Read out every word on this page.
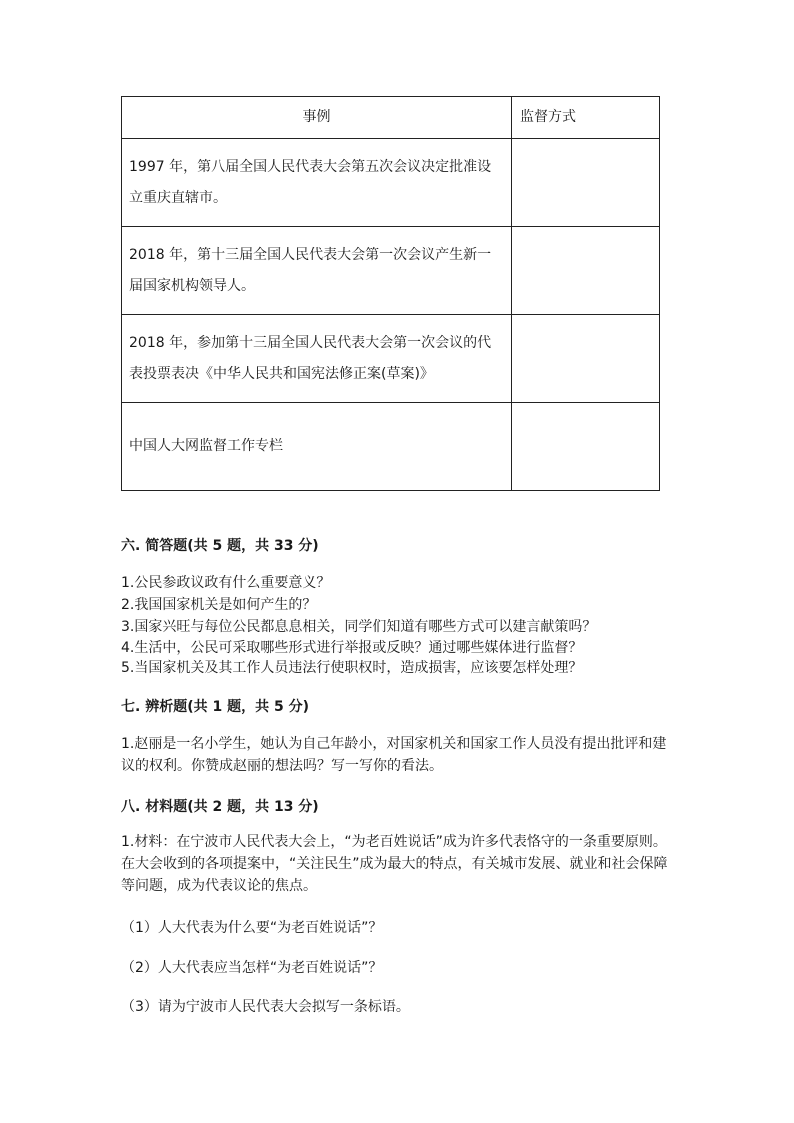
事例	监督方式
1997 年，第八届全国人民代表大会第五次会议决定批准设立重庆直辖市。	
2018 年，第十三届全国人民代表大会第一次会议产生新一届国家机构领导人。	
2018 年，参加第十三届全国人民代表大会第一次会议的代表投票表决《中华人民共和国宪法修正案(草案)》	
中国人大网监督工作专栏	
六. 简答题(共 5 题，共 33 分)
1.公民参政议政有什么重要意义？
2.我国国家机关是如何产生的？
3.国家兴旺与每位公民都息息相关，同学们知道有哪些方式可以建言献策吗？
4.生活中，公民可采取哪些形式进行举报或反映？通过哪些媒体进行监督？
5.当国家机关及其工作人员违法行使职权时，造成损害，应该要怎样处理？
七. 辨析题(共 1 题，共 5 分)
1.赵丽是一名小学生，她认为自己年龄小，对国家机关和国家工作人员没有提出批评和建议的权利。你赞成赵丽的想法吗？写一写你的看法。
八. 材料题(共 2 题，共 13 分)
1.材料：在宁波市人民代表大会上，“为老百姓说话”成为许多代表恪守的一条重要原则。在大会收到的各项提案中，“关注民生”成为最大的特点，有关城市发展、就业和社会保障等问题，成为代表议论的焦点。
（1）人大代表为什么要“为老百姓说话”？
（2）人大代表应当怎样“为老百姓说话”？
（3）请为宁波市人民代表大会拟写一条标语。
